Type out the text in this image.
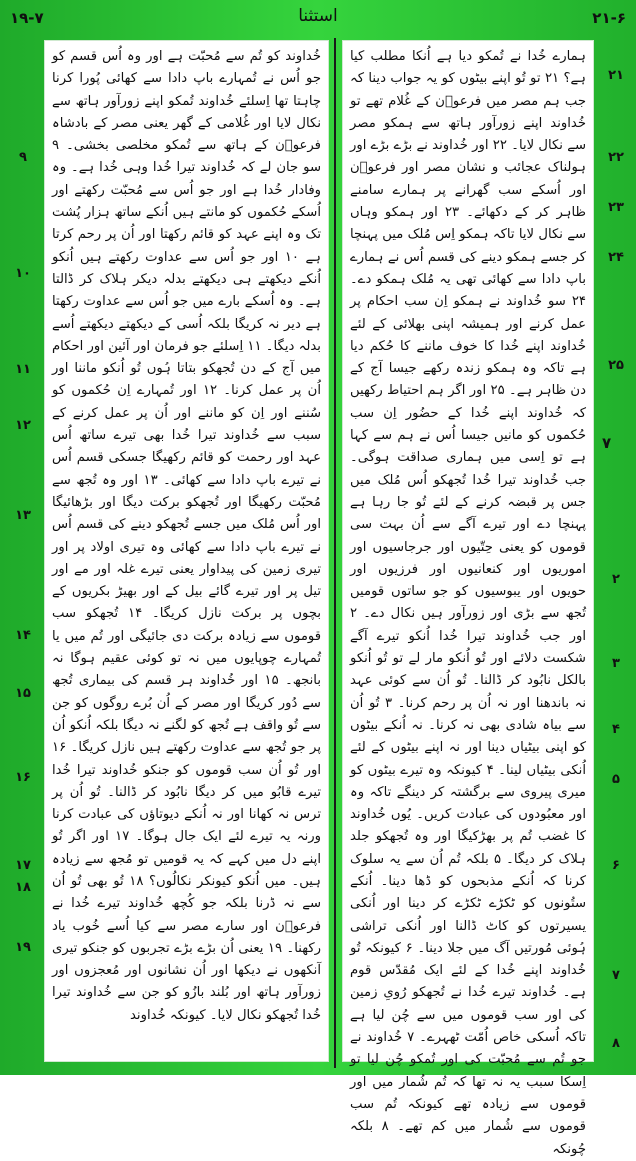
۱۹-۷	استثنا	۲۱-۶
خُداوند کو تُم سے مُحبّت ہے اور وہ اُس قسم کو جو اُس نے تُمہارے باپ دادا سے کھائی پُورا کرنا چاہتا تھا اِسلئے خُداوند تُمکو اپنے زورآور ہاتھ سے نکال لایا اور غُلامی کے گھر یعنی مصر کے بادشاہ فرعوؔن کے ہاتھ سے تُمکو مخلصی بخشی۔ ۹ سو جان لے کہ خُداوند تیرا خُدا وہی خُدا ہے۔ وہ وفادار خُدا ہے اور جو اُس سے مُحبّت رکھتے اور اُسکے حُکموں کو مانتے ہیں اُنکے ساتھ ہزار پُشت تک وہ اپنے عہد کو قائم رکھتا اور اُن پر رحم کرتا ہے ۱۰ اور جو اُس سے عداوت رکھتے ہیں اُنکو اُنکے دیکھتے ہی دیکھتے بدلہ دیکر ہلاک کر ڈالتا ہے۔ وہ اُسکے بارے میں جو اُس سے عداوت رکھتا ہے دیر نہ کریگا بلکہ اُسی کے دیکھتے دیکھتے اُسے بدلہ دیگا۔ ۱۱ اِسلئے جو فرمان اور آئین اور احکام میں آج کے دن تُجھکو بتاتا ہُوں تُو اُنکو ماننا اور اُن پر عمل کرنا۔ ۱۲ اور تُمہارے اِن حُکموں کو سُننے اور اِن کو ماننے اور اُن پر عمل کرنے کے سبب سے خُداوند تیرا خُدا بھی تیرے ساتھ اُس عہد اور رحمت کو قائم رکھیگا جسکی قسم اُس نے تیرے باپ دادا سے کھائی۔ ۱۳ اور وہ تُجھ سے مُحبّت رکھیگا اور تُجھکو برکت دیگا اور بڑھائیگا اور اُس مُلک میں جسے تُجھکو دینے کی قسم اُس نے تیرے باپ دادا سے کھائی وہ تیری اولاد پر اور تیری زمین کی پیداوار یعنی تیرے غلہ اور مے اور تیل پر اور تیرے گائے بیل کے اور بھیڑ بکریوں کے بچوں پر برکت نازل کریگا۔ ۱۴ تُجھکو سب قوموں سے زیادہ برکت دی جائیگی اور تُم میں یا تُمہارے چوپایوں میں نہ تو کوئی عقیم ہوگا نہ بانجھ۔ ۱۵ اور خُداوند ہر قسم کی بیماری تُجھ سے دُور کریگا اور مصر کے اُن بُرے روگوں کو جن سے تُو واقف ہے تُجھ کو لگنے نہ دیگا بلکہ اُنکو اُن پر جو تُجھ سے عداوت رکھتے ہیں نازل کریگا۔ ۱۶ اور تُو اُن سب قوموں کو جنکو خُداوند تیرا خُدا تیرے قابُو میں کر دیگا نابُود کر ڈالنا۔ تُو اُن پر ترس نہ کھانا اور نہ اُنکے دیوتاؤں کی عبادت کرنا ورنہ یہ تیرے لئے ایک جال ہوگا۔ ۱۷ اور اگر تُو اپنے دل میں کہے کہ یہ قومیں تو مُجھ سے زیادہ ہیں۔ میں اُنکو کیونکر نکالُوں؟ ۱۸ تُو بھی تُو اُن سے نہ ڈرنا بلکہ جو کُچھ خُداوند تیرے خُدا نے فرعوؔن اور سارے مصر سے کیا اُسے خُوب یاد رکھنا۔ ۱۹ یعنی اُن بڑے بڑے تجربوں کو جنکو تیری آنکھوں نے دیکھا اور اُن نشانوں اور مُعجزوں اور زورآور ہاتھ اور بُلند بازُو کو جن سے خُداوند تیرا خُدا تُجھکو نکال لایا۔ کیونکہ خُداوند
ہمارے خُدا نے تُمکو دیا ہے اُنکا مطلب کیا ہے؟ ۲۱ تو تُو اپنے بیٹوں کو یہ جواب دینا کہ جب ہم مصر میں فرعوؔن کے غُلام تھے تو خُداوند اپنے زورآور ہاتھ سے ہمکو مصر سے نکال لایا۔ ۲۲ اور خُداوند نے بڑے بڑے اور ہولناک عجائب و نشان مصر اور فرعوؔن اور اُسکے سب گھرانے پر ہمارے سامنے ظاہر کر کے دکھائے۔ ۲۳ اور ہمکو وہاں سے نکال لایا تاکہ ہمکو اِس مُلک میں پہنچا کر جسے ہمکو دینے کی قسم اُس نے ہمارے باپ دادا سے کھائی تھی یہ مُلک ہمکو دے۔ ۲۴ سو خُداوند نے ہمکو اِن سب احکام پر عمل کرنے اور ہمیشہ اپنی بھلائی کے لئے خُداوند اپنے خُدا کا خوف ماننے کا حُکم دیا ہے تاکہ وہ ہمکو زندہ رکھے جیسا آج کے دن ظاہر ہے۔ ۲۵ اور اگر ہم احتیاط رکھیں کہ خُداوند اپنے خُدا کے حضُور اِن سب حُکموں کو مانیں جیسا اُس نے ہم سے کہا ہے تو اِسی میں ہماری صداقت ہوگی۔ جب خُداوند تیرا خُدا تُجھکو اُس مُلک میں جس پر قبضہ کرنے کے لئے تُو جا رہا ہے پہنچا دے اور تیرے آگے سے اُن بہت سی قوموں کو یعنی حِتّیوں اور جرجاسیوں اور اموریوں اور کنعانیوں اور فرزیوں اور حویوں اور یبوسیوں کو جو ساتوں قومیں تُجھ سے بڑی اور زورآور ہیں نکال دے۔ ۲ اور جب خُداوند تیرا خُدا اُنکو تیرے آگے شکست دلائے اور تُو اُنکو مار لے تو تُو اُنکو بالکل نابُود کر ڈالنا۔ تُو اُن سے کوئی عہد نہ باندھنا اور نہ اُن پر رحم کرنا۔ ۳ تُو اُن سے بیاہ شادی بھی نہ کرنا۔ نہ اُنکے بیٹوں کو اپنی بیٹیاں دینا اور نہ اپنے بیٹوں کے لئے اُنکی بیٹیاں لینا۔ ۴ کیونکہ وہ تیرے بیٹوں کو میری پیروی سے برگشتہ کر دینگے تاکہ وہ اور معبُودوں کی عبادت کریں۔ یُوں خُداوند کا غضب تُم پر بھڑکیگا اور وہ تُجھکو جلد ہلاک کر دیگا۔ ۵ بلکہ تُم اُن سے یہ سلوک کرنا کہ اُنکے مذبحوں کو ڈھا دینا۔ اُنکے ستُونوں کو ٹکڑے ٹکڑے کر دینا اور اُنکی یسیرتوں کو کاٹ ڈالنا اور اُنکی تراشی ہُوئی مُورتیں آگ میں جلا دینا۔ ۶ کیونکہ تُو خُداوند اپنے خُدا کے لئے ایک مُقدّس قوم ہے۔ خُداوند تیرے خُدا نے تُجھکو رُویِ زمین کی اور سب قوموں میں سے چُن لیا ہے تاکہ اُسکی خاص اُمّت ٹھہرے۔ ۷ خُداوند نے جو تُم سے مُحبّت کی اور تُمکو چُن لیا تو اِسکا سبب یہ نہ تھا کہ تُم شُمار میں اور قوموں سے زیادہ تھے کیونکہ تُم سب قوموں سے شُمار میں کم تھے۔ ۸ بلکہ چُونکہ
۹
۱۰
۱۱
۱۲
۱۳
۱۴
۱۵
۱۶
۱۷
۱۸
۱۹
۲۱
۲۲
۲۳
۲۴
۲۵
۲
۳
۴
۵
۶
۷
۸
۷
